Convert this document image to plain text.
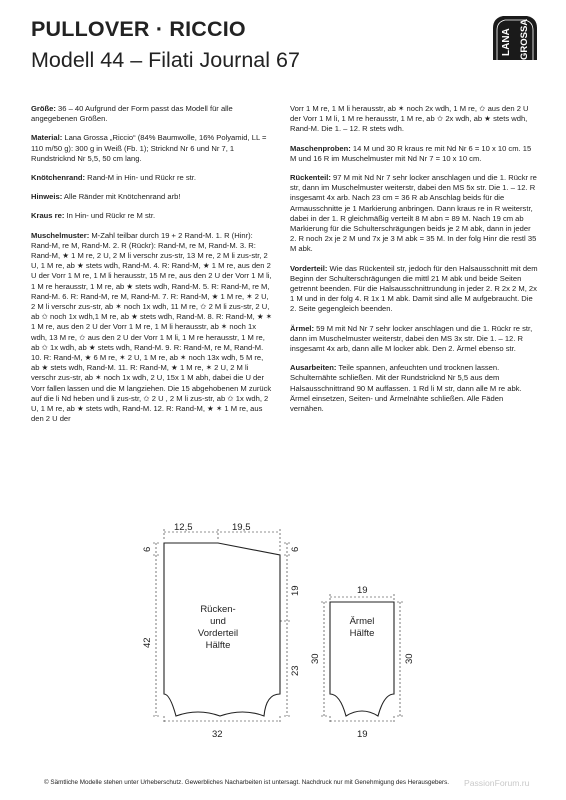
PULLOVER · RICCIO
Modell 44 – Filati Journal 67
LANA GROSSA

Größe: 36 – 40 Aufgrund der Form passt das Modell für alle angegebenen Größen.

Material: Lana Grossa „Riccio“ (84% Baumwolle, 16% Polyamid, LL = 110 m/50 g): 300 g in Weiß (Fb. 1); Stricknd Nr 6 und Nr 7, 1 Rundstricknd Nr 5,5, 50 cm lang.

Knötchenrand: Rand-M in Hin- und Rückr re str.

Hinweis: Alle Ränder mit Knötchenrand arb!

Kraus re: In Hin- und Rückr re M str.

Muschelmuster: M-Zahl teilbar durch 19 + 2 Rand-M. 1. R (Hinr): Rand-M, re M, Rand-M. 2. R (Rückr): Rand-M, re M, Rand-M. 3. R: Rand-M, ★ 1 M re, 2 U, 2 M li verschr zus-str, 13 M re, 2 M li zus-str, 2 U, 1 M re, ab ★ stets wdh, Rand-M. 4. R: Rand-M, ★ 1 M re, aus den 2 U der Vorr 1 M re, 1 M li herausstr, 15 M re, aus den 2 U der Vorr 1 M li, 1 M re herausstr, 1 M re, ab ★ stets wdh, Rand-M. 5. R: Rand-M, re M, Rand-M. 6. R: Rand-M, re M, Rand-M. 7. R: Rand-M, ★ 1 M re, ✶ 2 U, 2 M li verschr zus-str, ab ✶ noch 1x wdh, 11 M re, ✩ 2 M li zus-str, 2 U, ab ✩ noch 1x wdh,1 M re, ab ★ stets wdh, Rand-M. 8. R: Rand-M, ★ ✶ 1 M re, aus den 2 U der Vorr 1 M re, 1 M li herausstr, ab ✶ noch 1x wdh, 13 M re, ✩ aus den 2 U der Vorr 1 M li, 1 M re herausstr, 1 M re, ab ✩ 1x wdh, ab ★ stets wdh, Rand-M. 9. R: Rand-M, re M, Rand-M. 10. R: Rand-M, ★ 6 M re, ✶ 2 U, 1 M re, ab ✶ noch 13x wdh, 5 M re, ab ★ stets wdh, Rand-M. 11. R: Rand-M, ★ 1 M re, ✶ 2 U, 2 M li verschr zus-str, ab ✶ noch 1x wdh, 2 U, 15x 1 M abh, dabei die U der Vorr fallen lassen und die M langziehen. Die 15 abgehobenen M zurück auf die li Nd heben und li zus-str, ✩ 2 U , 2 M li zus-str, ab ✩ 1x wdh, 2 U, 1 M re, ab ★ stets wdh, Rand-M. 12. R: Rand-M, ★ ✶ 1 M re, aus den 2 U der

Vorr 1 M re, 1 M li herausstr, ab ✶ noch 2x wdh, 1 M re, ✩ aus den 2 U der Vorr 1 M li, 1 M re herausstr, 1 M re, ab ✩ 2x wdh, ab ★ stets wdh, Rand-M. Die 1. – 12. R stets wdh.

Maschenproben: 14 M und 30 R kraus re mit Nd Nr 6 = 10 x 10 cm. 15 M und 16 R im Muschelmuster mit Nd Nr 7 = 10 x 10 cm.

Rückenteil: 97 M mit Nd Nr 7 sehr locker anschlagen und die 1. Rückr re str, dann im Muschelmuster weiterstr, dabei den MS 5x str. Die 1. – 12. R insgesamt 4x arb. Nach 23 cm = 36 R ab Anschlag beids für die Armausschnitte je 1 Markierung anbringen. Dann kraus re in R weiterstr, dabei in der 1. R gleichmäßig verteilt 8 M abn = 89 M. Nach 19 cm ab Markierung für die Schulterschrägungen beids je 2 M abk, dann in jeder 2. R noch 2x je 2 M und 7x je 3 M abk = 35 M. In der folg Hinr die restl 35 M abk.

Vorderteil: Wie das Rückenteil str, jedoch für den Halsausschnitt mit dem Beginn der Schulterschrägungen die mittl 21 M abk und beide Seiten getrennt beenden. Für die Halsausschnittrundung in jeder 2. R 2x 2 M, 2x 1 M und in der folg 4. R 1x 1 M abk. Damit sind alle M aufgebraucht. Die 2. Seite gegengleich beenden.

Ärmel: 59 M mit Nd Nr 7 sehr locker anschlagen und die 1. Rückr re str, dann im Muschelmuster weiterstr, dabei den MS 3x str. Die 1. – 12. R insgesamt 4x arb, dann alle M locker abk. Den 2. Ärmel ebenso str.

Ausarbeiten: Teile spannen, anfeuchten und trocknen lassen. Schulternähte schließen. Mit der Rundstricknd Nr 5,5 aus dem Halsausschnittrand 90 M auffassen. 1 Rd li M str, dann alle M re abk. Ärmel einsetzen, Seiten- und Ärmelnähte schließen. Alle Fäden vernähen.

12,5	19,5
6
42
6
19
23
32
Rücken-
und
Vorderteil
Hälfte
19
30	30
19
Ärmel
Hälfte
© Sämtliche Modelle stehen unter Urheberschutz. Gewerbliches Nacharbeiten ist untersagt. Nachdruck nur mit Genehmigung des Herausgebers. PassionForum.ru
